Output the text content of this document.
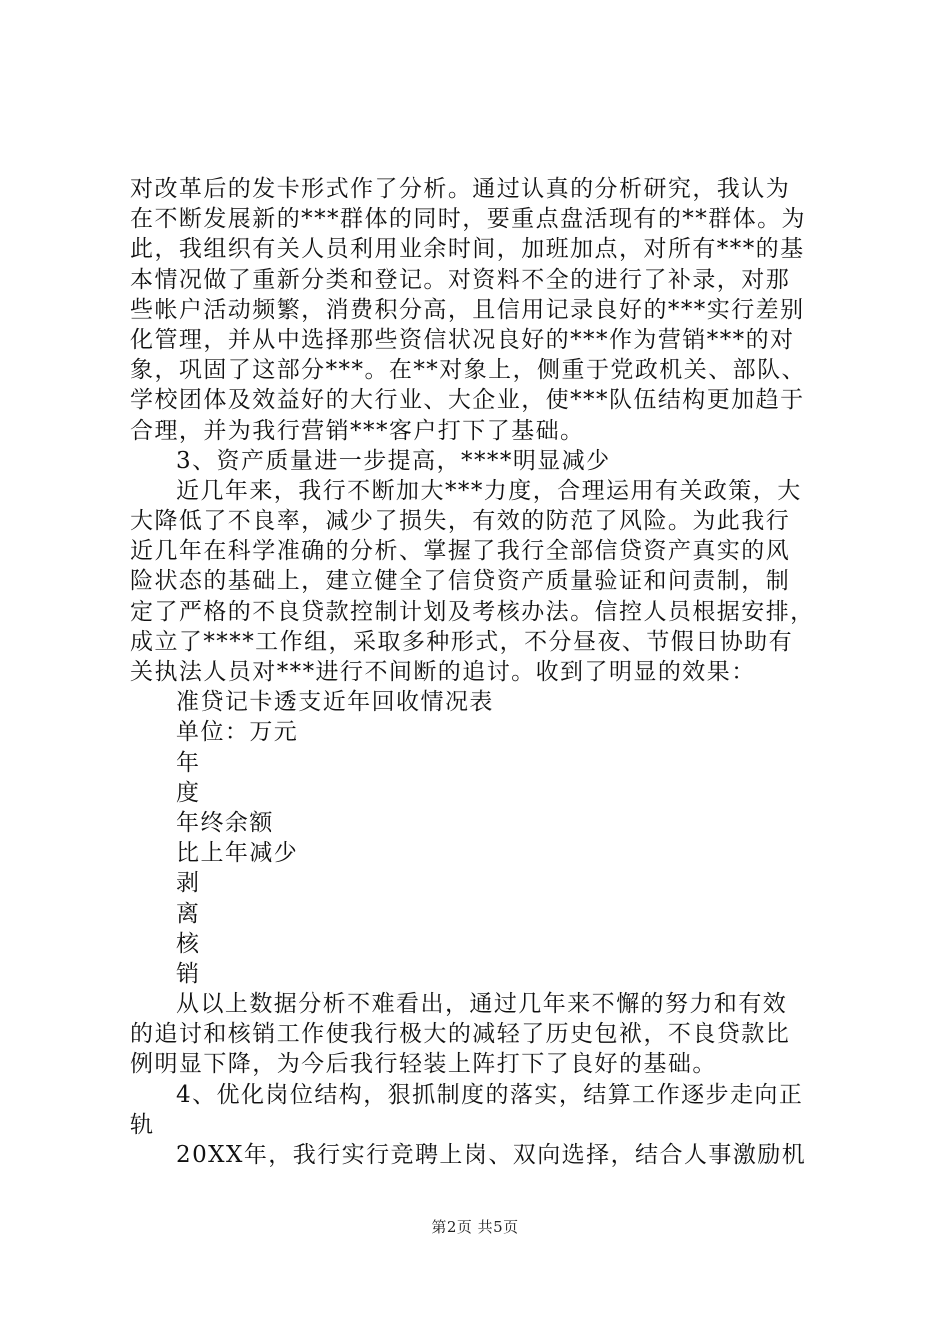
对改革后的发卡形式作了分析。通过认真的分析研究，我认为
在不断发展新的***群体的同时，要重点盘活现有的**群体。为
此，我组织有关人员利用业余时间，加班加点，对所有***的基
本情况做了重新分类和登记。对资料不全的进行了补录，对那
些帐户活动频繁，消费积分高，且信用记录良好的***实行差别
化管理，并从中选择那些资信状况良好的***作为营销***的对
象，巩固了这部分***。在**对象上，侧重于党政机关、部队、
学校团体及效益好的大行业、大企业，使***队伍结构更加趋于
合理，并为我行营销***客户打下了基础。
3、资产质量进一步提高，****明显减少
近几年来，我行不断加大***力度，合理运用有关政策，大
大降低了不良率，减少了损失，有效的防范了风险。为此我行
近几年在科学准确的分析、掌握了我行全部信贷资产真实的风
险状态的基础上，建立健全了信贷资产质量验证和问责制，制
定了严格的不良贷款控制计划及考核办法。信控人员根据安排，
成立了****工作组，采取多种形式，不分昼夜、节假日协助有
关执法人员对***进行不间断的追讨。收到了明显的效果：
准贷记卡透支近年回收情况表
单位：万元
年
度
年终余额
比上年减少
剥
离
核
销
从以上数据分析不难看出，通过几年来不懈的努力和有效
的追讨和核销工作使我行极大的减轻了历史包袱，不良贷款比
例明显下降，为今后我行轻装上阵打下了良好的基础。
4、优化岗位结构，狠抓制度的落实，结算工作逐步走向正
轨
20XX年，我行实行竞聘上岗、双向选择，结合人事激励机
第2页 共5页
